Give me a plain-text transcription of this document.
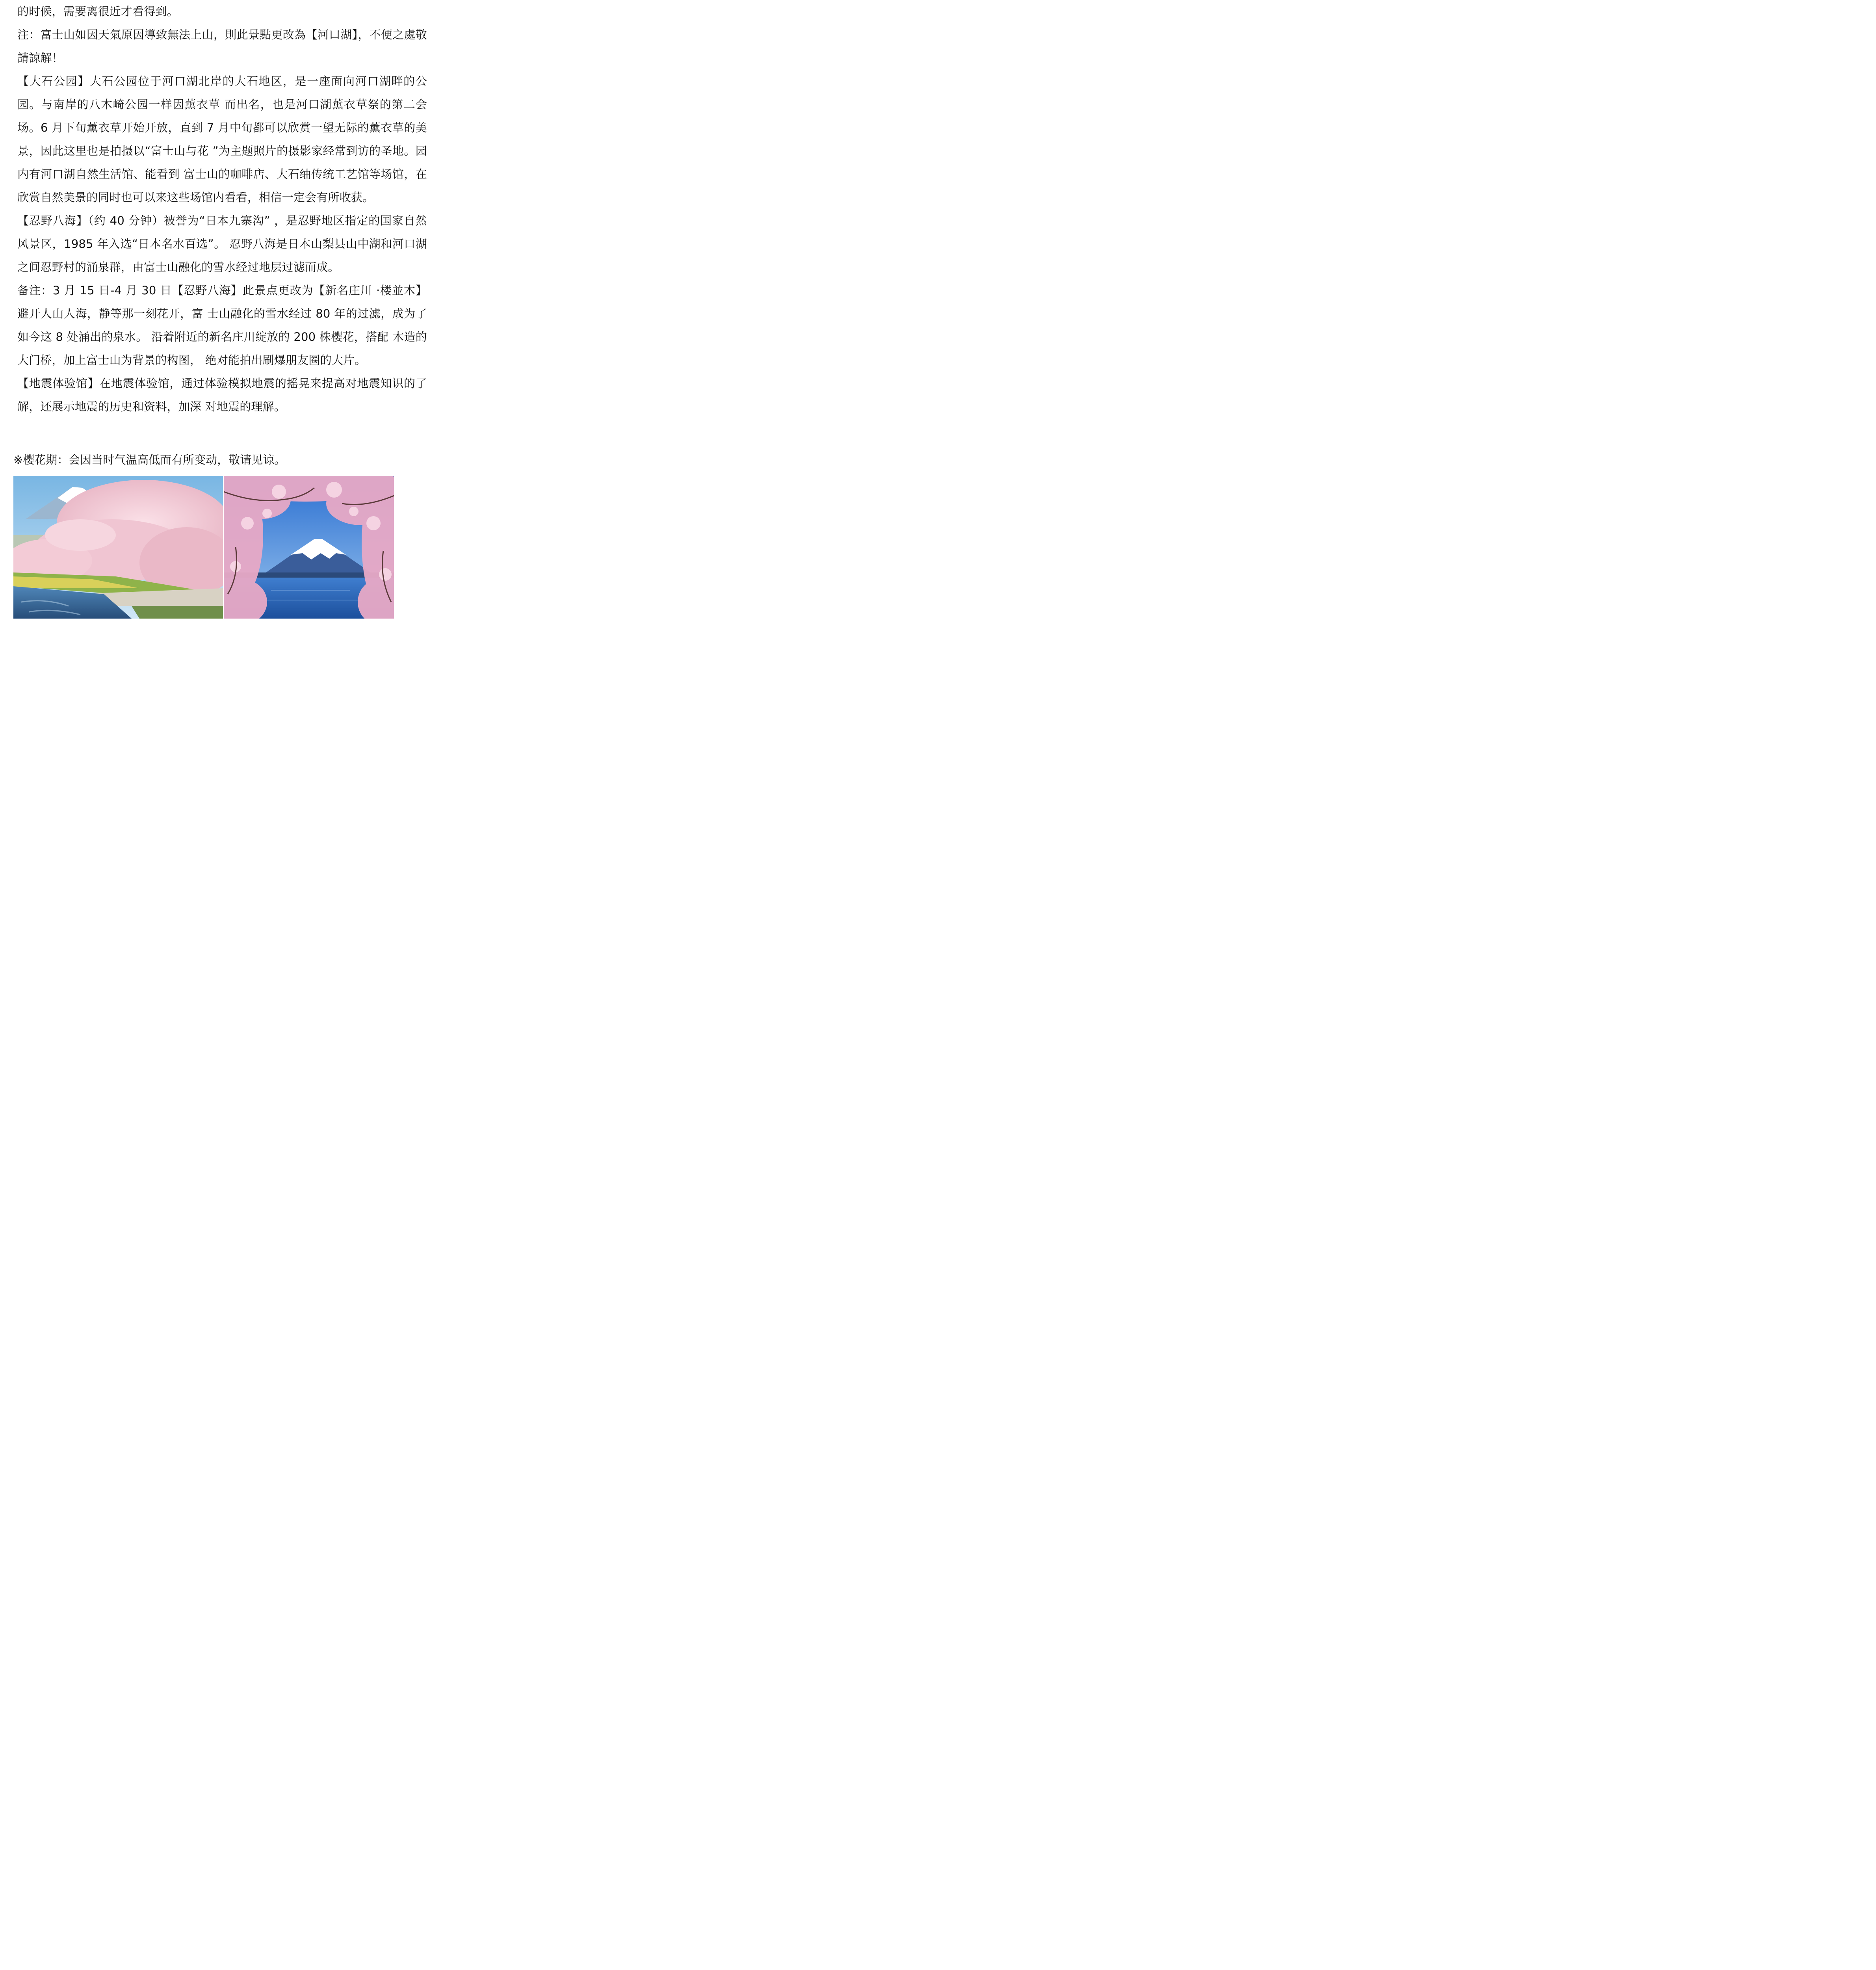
的时候，需要离很近才看得到。

注：富士山如因天氣原因導致無法上山，則此景點更改為【河口湖】，不便之處敬請諒解！

【大石公园】大石公园位于河口湖北岸的大石地区，是一座面向河口湖畔的公园。与南岸的八木崎公园一样因薰衣草 而出名，也是河口湖薰衣草祭的第二会场。6 月下旬薰衣草开始开放，直到 7 月中旬都可以欣赏一望无际的薰衣草的美景，因此这里也是拍摄以“富士山与花 ”为主题照片的摄影家经常到访的圣地。园内有河口湖自然生活馆、能看到 富士山的咖啡店、大石䌷传统工艺馆等场馆，在欣赏自然美景的同时也可以来这些场馆内看看，相信一定会有所收获。

【忍野八海】（约 40 分钟）被誉为“日本九寨沟” ，是忍野地区指定的国家自然风景区，1985 年入选“日本名水百选”。 忍野八海是日本山梨县山中湖和河口湖之间忍野村的涌泉群，由富士山融化的雪水经过地层过滤而成。

备注：3 月 15 日-4 月 30 日【忍野八海】此景点更改为【新名庄川 ·楼並木】避开人山人海，静等那一刻花开，富 士山融化的雪水经过 80 年的过滤，成为了如今这 8 处涌出的泉水。 沿着附近的新名庄川绽放的 200 株樱花，搭配 木造的大门桥，加上富士山为背景的构图， 绝对能拍出刷爆朋友圈的大片。

【地震体验馆】在地震体验馆，通过体验模拟地震的摇晃来提高对地震知识的了解，还展示地震的历史和资料，加深 对地震的理解。

※樱花期：会因当时气温高低而有所变动，敬请见谅。
